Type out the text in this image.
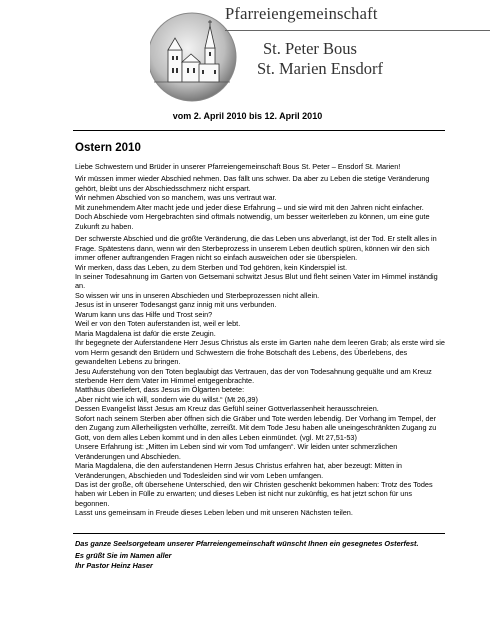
Pfarreiengemeinschaft
St. Peter Bous
St. Marien Ensdorf
vom 2. April 2010 bis 12. April 2010
Ostern 2010

Liebe Schwestern und Brüder in unserer Pfarreiengemeinschaft Bous St. Peter – Ensdorf St. Marien!

Wir müssen immer wieder Abschied nehmen. Das fällt uns schwer. Da aber zu Leben die stetige Veränderung gehört, bleibt uns der Abschiedsschmerz nicht erspart.
Wir nehmen Abschied von so manchem, was uns vertraut war.
Mit zunehmendem Alter macht jede und jeder diese Erfahrung – und sie wird mit den Jahren nicht einfacher.
Doch Abschiede vom Hergebrachten sind oftmals notwendig, um besser weiterleben zu können, um eine gute Zukunft zu haben.

Der schwerste Abschied und die größte Veränderung, die das Leben uns abverlangt, ist der Tod. Er stellt alles in Frage. Spätestens dann, wenn wir den Sterbeprozess in unserem Leben deutlich spüren, können wir den sich immer offener auftrangenden Fragen nicht so einfach ausweichen oder sie überspielen.
Wir merken, dass das Leben, zu dem Sterben und Tod gehören, kein Kinderspiel ist.
In seiner Todesahnung im Garten von Getsemani schwitzt Jesus Blut und fleht seinen Vater im Himmel inständig an.
So wissen wir uns in unseren Abschieden und Sterbeprozessen nicht allein.
Jesus ist in unserer Todesangst ganz innig mit uns verbunden.
Warum kann uns das Hilfe und Trost sein?
Weil er von den Toten auferstanden ist, weil er lebt.
Maria Magdalena ist dafür die erste Zeugin.
Ihr begegnete der Auferstandene Herr Jesus Christus als erste im Garten nahe dem leeren Grab; als erste wird sie vom Herrn gesandt den Brüdern und Schwestern die frohe Botschaft des Lebens, des Überlebens, des gewandelten Lebens zu bringen.
Jesu Auferstehung von den Toten beglaubigt das Vertrauen, das der von Todesahnung gequälte und am Kreuz sterbende Herr dem Vater im Himmel entgegenbrachte.
Matthäus überliefert, dass Jesus im Ölgarten betete:
„Aber nicht wie ich will, sondern wie du willst.“ (Mt 26,39)
Dessen Evangelist lässt Jesus am Kreuz das Gefühl seiner Gottverlassenheit herausschreien.
Sofort nach seinem Sterben aber öffnen sich die Gräber und Tote werden lebendig. Der Vorhang im Tempel, der den Zugang zum Allerheiligsten verhüllte, zerreißt. Mit dem Tode Jesu haben alle uneingeschränkten Zugang zu Gott, von dem alles Leben kommt und in den alles Leben einmündet. (vgl. Mt 27,51-53)
Unsere Erfahrung ist: „Mitten im Leben sind wir vom Tod umfangen“. Wir leiden unter schmerzlichen Veränderungen und Abschieden.
Maria Magdalena, die den auferstandenen Herrn Jesus Christus erfahren hat, aber bezeugt: Mitten in Veränderungen, Abschieden und Todesleiden sind wir vom Leben umfangen.
Das ist der große, oft übersehene Unterschied, den wir Christen geschenkt bekommen haben: Trotz des Todes haben wir Leben in Fülle zu erwarten; und dieses Leben ist nicht nur zukünftig, es hat jetzt schon für uns begonnen.
Lasst uns gemeinsam in Freude dieses Leben leben und mit unseren Nächsten teilen.

Das ganze Seelsorgeteam unserer Pfarreiengemeinschaft wünscht Ihnen ein gesegnetes Osterfest.

Es grüßt Sie im Namen aller
Ihr Pastor Heinz Haser
